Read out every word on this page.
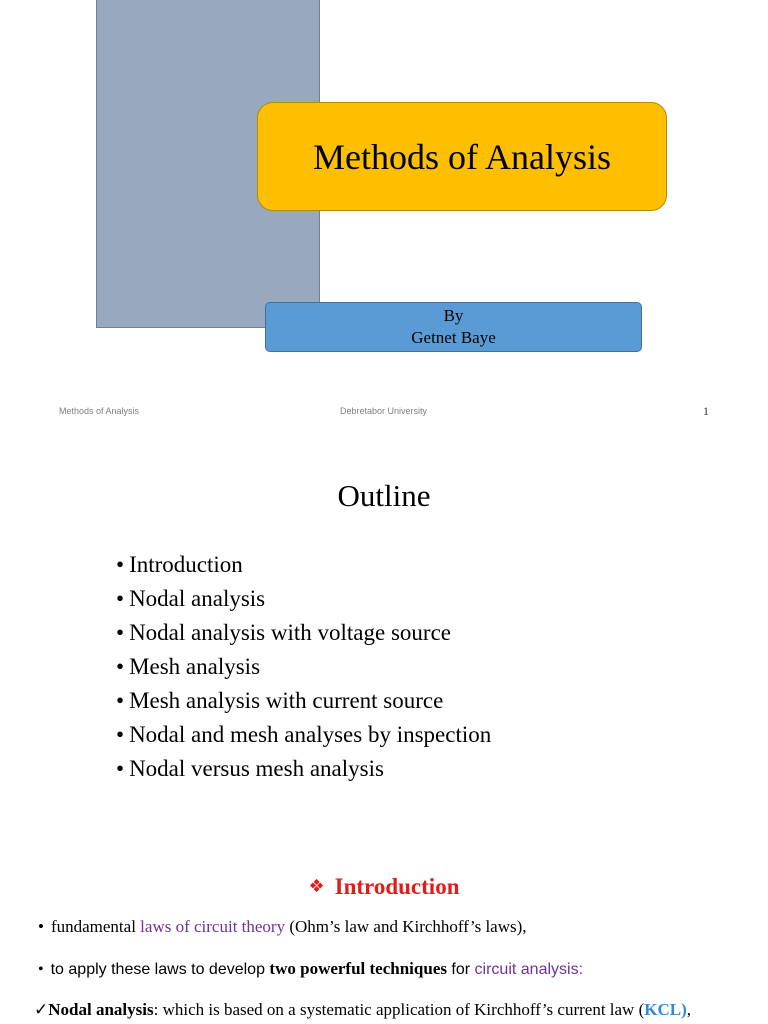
Methods of Analysis
By
Getnet Baye
Methods of Analysis	Debretabor University	1
Outline
• Introduction
• Nodal analysis
• Nodal analysis with voltage source
• Mesh analysis
• Mesh analysis with current source
• Nodal and mesh analyses by inspection
• Nodal versus mesh analysis
❖ Introduction
• fundamental laws of circuit theory (Ohm’s law and Kirchhoff’s laws),
• to apply these laws to develop two powerful techniques for circuit analysis:
✓Nodal analysis: which is based on a systematic application of Kirchhoff’s current law (KCL),
